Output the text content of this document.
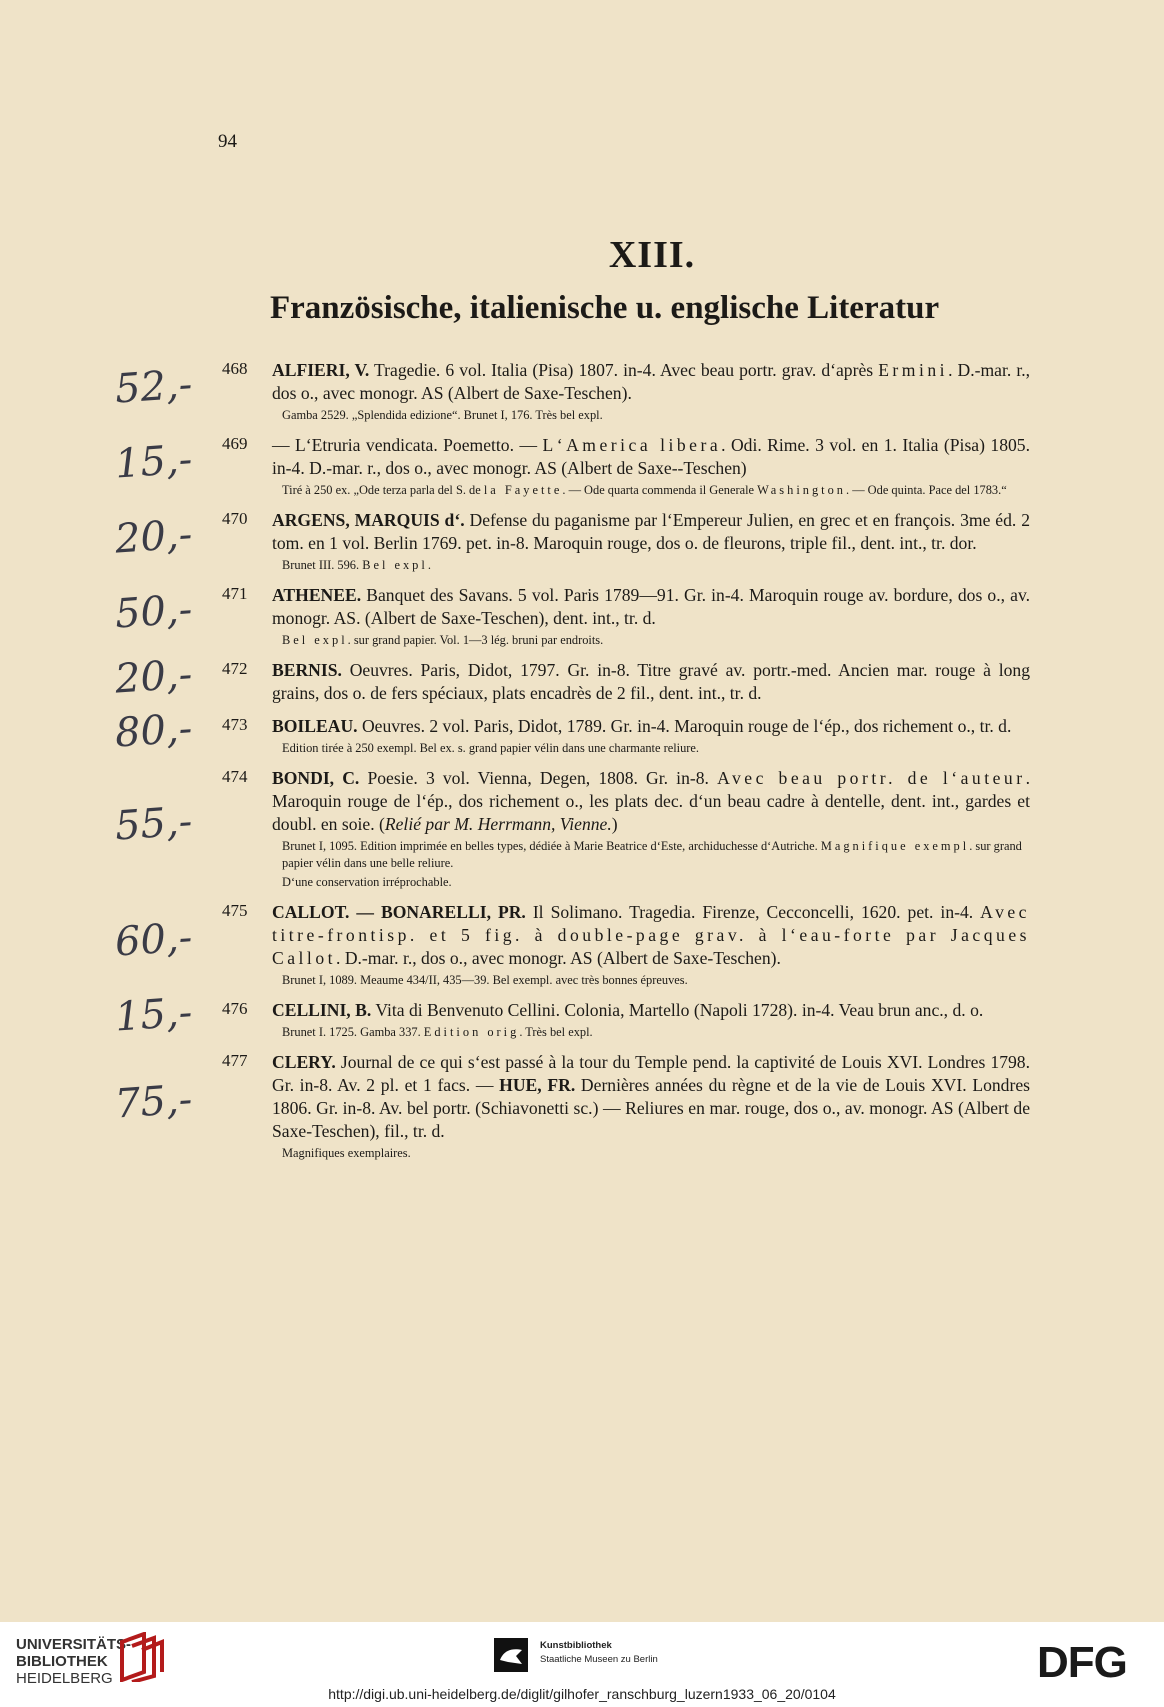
94
XIII.
Französische, italienische u. englische Literatur
468 ALFIERI, V. Tragedie. 6 vol. Italia (Pisa) 1807. in-4. Avec beau portr. grav. d‘après Ermini. D.-mar. r., dos o., avec monogr. AS (Albert de Saxe-Teschen).
Gamba 2529. „Splendida edizione“. Brunet I, 176. Très bel expl.
469 — L‘Etruria vendicata. Poemetto. — L‘America libera. Odi. Rime. 3 vol. en 1. Italia (Pisa) 1805. in-4. D.-mar. r., dos o., avec monogr. AS (Albert de Saxe--Teschen)
Tiré à 250 ex. „Ode terza parla del S. de la Fayette. — Ode quarta commenda il Generale Washington. — Ode quinta. Pace del 1783.“
470 ARGENS, MARQUIS d‘. Defense du paganisme par l‘Empereur Julien, en grec et en françois. 3me éd. 2 tom. en 1 vol. Berlin 1769. pet. in-8. Maroquin rouge, dos o. de fleurons, triple fil., dent. int., tr. dor.
Brunet III. 596. Bel expl.
471 ATHENEE. Banquet des Savans. 5 vol. Paris 1789—91. Gr. in-4. Maroquin rouge av. bordure, dos o., av. monogr. AS. (Albert de Saxe-Teschen), dent. int., tr. d.
Bel expl. sur grand papier. Vol. 1—3 lég. bruni par endroits.
472 BERNIS. Oeuvres. Paris, Didot, 1797. Gr. in-8. Titre gravé av. portr.-med. Ancien mar. rouge à long grains, dos o. de fers spéciaux, plats encadrès de 2 fil., dent. int., tr. d.
473 BOILEAU. Oeuvres. 2 vol. Paris, Didot, 1789. Gr. in-4. Maroquin rouge de l‘ép., dos richement o., tr. d.
Edition tirée à 250 exempl. Bel ex. s. grand papier vélin dans une charmante reliure.
474 BONDI, C. Poesie. 3 vol. Vienna, Degen, 1808. Gr. in-8. Avec beau portr. de l‘auteur. Maroquin rouge de l‘ép., dos richement o., les plats dec. d‘un beau cadre à dentelle, dent. int., gardes et doubl. en soie. (Relié par M. Herrmann, Vienne.)
Brunet I, 1095. Edition imprimée en belles types, dédiée à Marie Beatrice d‘Este, archiduchesse d‘Autriche. Magnifique exempl. sur grand papier vélin dans une belle reliure.
D‘une conservation irréprochable.
475 CALLOT. — BONARELLI, PR. Il Solimano. Tragedia. Firenze, Cecconcelli, 1620. pet. in-4. Avec titre-frontisp. et 5 fig. à double-page grav. à l‘eau-forte par Jacques Callot. D.-mar. r., dos o., avec monogr. AS (Albert de Saxe-Teschen).
Brunet I, 1089. Meaume 434/II, 435—39. Bel exempl. avec très bonnes épreuves.
476 CELLINI, B. Vita di Benvenuto Cellini. Colonia, Martello (Napoli 1728). in-4. Veau brun anc., d. o.
Brunet I. 1725. Gamba 337. Edition orig. Très bel expl.
477 CLERY. Journal de ce qui s‘est passé à la tour du Temple pend. la captivité de Louis XVI. Londres 1798. Gr. in-8. Av. 2 pl. et 1 facs. — HUE, FR. Dernières années du règne et de la vie de Louis XVI. Londres 1806. Gr. in-8. Av. bel portr. (Schiavonetti sc.) — Reliures en mar. rouge, dos o., av. monogr. AS (Albert de Saxe-Teschen), fil., tr. d.
Magnifiques exemplaires.
52,-
15,-
20,-
50,-
20,-
80,-
55,-
60,-
15,-
75,-
UNIVERSITÄTS-
BIBLIOTHEK
HEIDELBERG
Kunstbibliothek
Staatliche Museen zu Berlin	DFG
http://digi.ub.uni-heidelberg.de/diglit/gilhofer_ranschburg_luzern1933_06_20/0104
